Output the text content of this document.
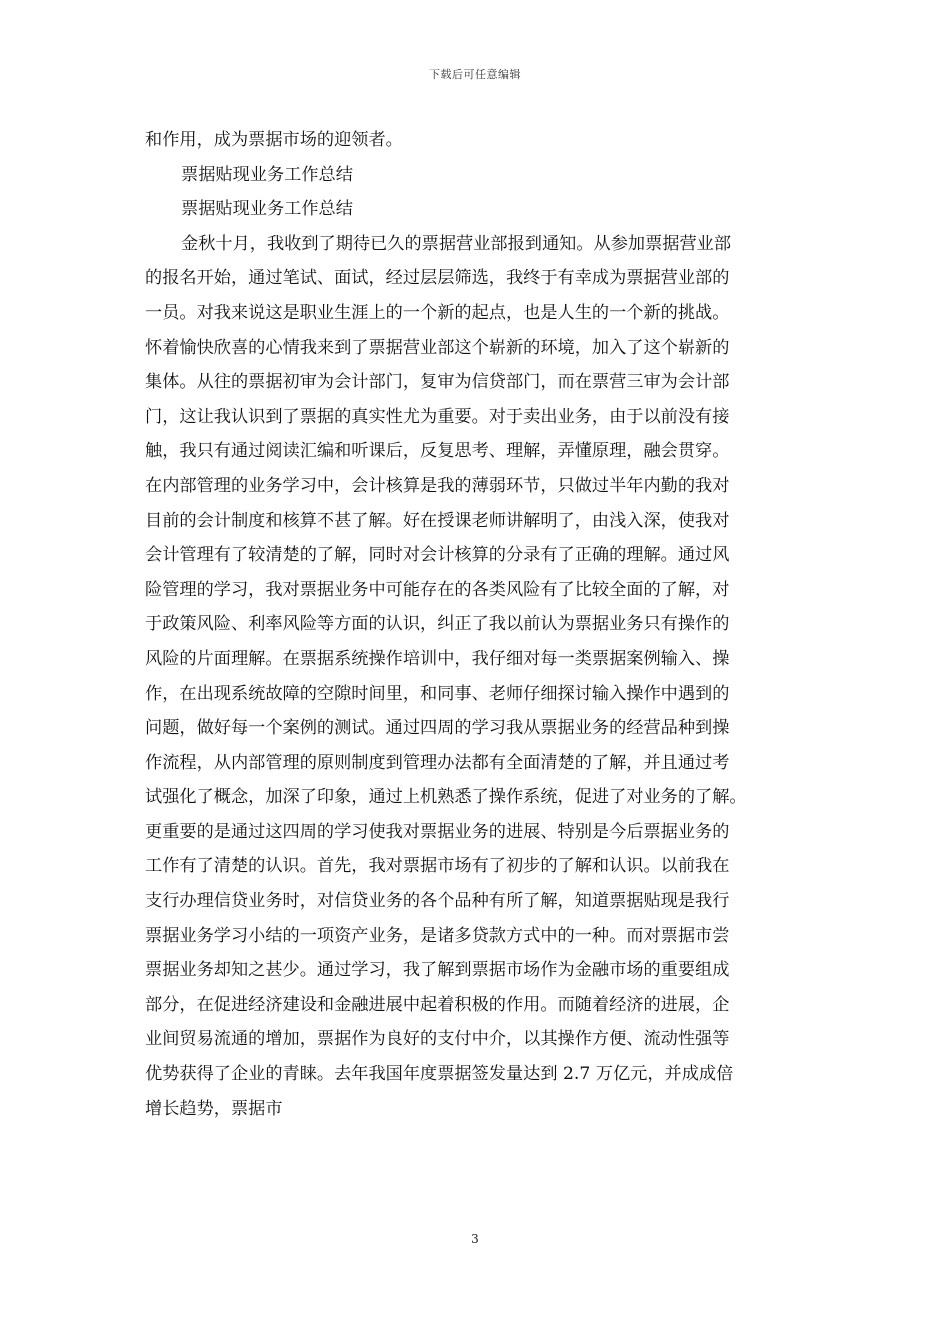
下载后可任意编辑
和作用，成为票据市场的迎领者。
票据贴现业务工作总结
票据贴现业务工作总结
金秋十月，我收到了期待已久的票据营业部报到通知。从参加票据营业部
的报名开始，通过笔试、面试，经过层层筛选，我终于有幸成为票据营业部的
一员。对我来说这是职业生涯上的一个新的起点，也是人生的一个新的挑战。
怀着愉快欣喜的心情我来到了票据营业部这个崭新的环境，加入了这个崭新的
集体。从往的票据初审为会计部门，复审为信贷部门，而在票营三审为会计部
门，这让我认识到了票据的真实性尤为重要。对于卖出业务，由于以前没有接
触，我只有通过阅读汇编和听课后，反复思考、理解，弄懂原理，融会贯穿。
在内部管理的业务学习中，会计核算是我的薄弱环节，只做过半年内勤的我对
目前的会计制度和核算不甚了解。好在授课老师讲解明了，由浅入深，使我对
会计管理有了较清楚的了解，同时对会计核算的分录有了正确的理解。通过风
险管理的学习，我对票据业务中可能存在的各类风险有了比较全面的了解，对
于政策风险、利率风险等方面的认识，纠正了我以前认为票据业务只有操作的
风险的片面理解。在票据系统操作培训中，我仔细对每一类票据案例输入、操
作，在出现系统故障的空隙时间里，和同事、老师仔细探讨输入操作中遇到的
问题，做好每一个案例的测试。通过四周的学习我从票据业务的经营品种到操
作流程，从内部管理的原则制度到管理办法都有全面清楚的了解，并且通过考
试强化了概念，加深了印象，通过上机熟悉了操作系统，促进了对业务的了解。
更重要的是通过这四周的学习使我对票据业务的进展、特别是今后票据业务的
工作有了清楚的认识。首先，我对票据市场有了初步的了解和认识。以前我在
支行办理信贷业务时，对信贷业务的各个品种有所了解，知道票据贴现是我行
票据业务学习小结的一项资产业务，是诸多贷款方式中的一种。而对票据市尝
票据业务却知之甚少。通过学习，我了解到票据市场作为金融市场的重要组成
部分，在促进经济建设和金融进展中起着积极的作用。而随着经济的进展，企
业间贸易流通的增加，票据作为良好的支付中介，以其操作方便、流动性强等
优势获得了企业的青睐。去年我国年度票据签发量达到 2.7 万亿元，并成成倍
增长趋势，票据市
3
